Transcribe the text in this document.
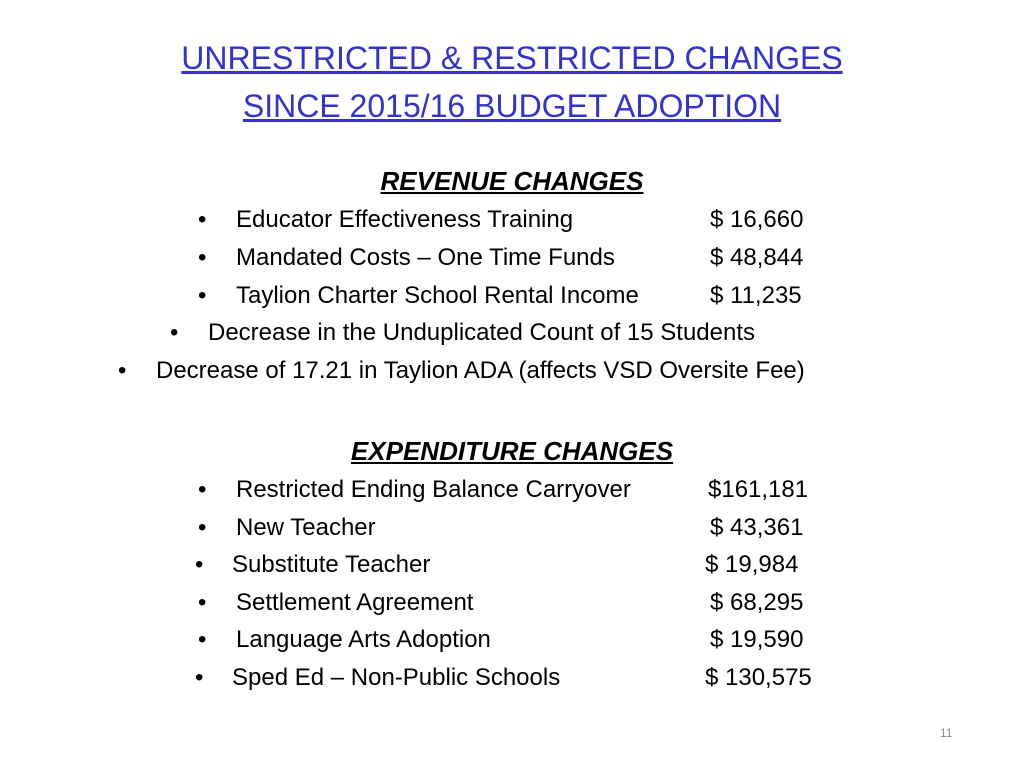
UNRESTRICTED & RESTRICTED CHANGES
SINCE 2015/16 BUDGET ADOPTION
REVENUE CHANGES
• Educator Effectiveness Training	$ 16,660
• Mandated Costs – One Time Funds	$ 48,844
• Taylion Charter School Rental Income	$ 11,235
• Decrease in the Unduplicated Count of 15 Students
• Decrease of 17.21 in Taylion ADA (affects VSD Oversite Fee)
EXPENDITURE CHANGES
• Restricted Ending Balance Carryover	$161,181
• New Teacher	$ 43,361
• Substitute Teacher	$ 19,984
• Settlement Agreement	$ 68,295
• Language Arts Adoption	$ 19,590
• Sped Ed – Non-Public Schools	$ 130,575
11
